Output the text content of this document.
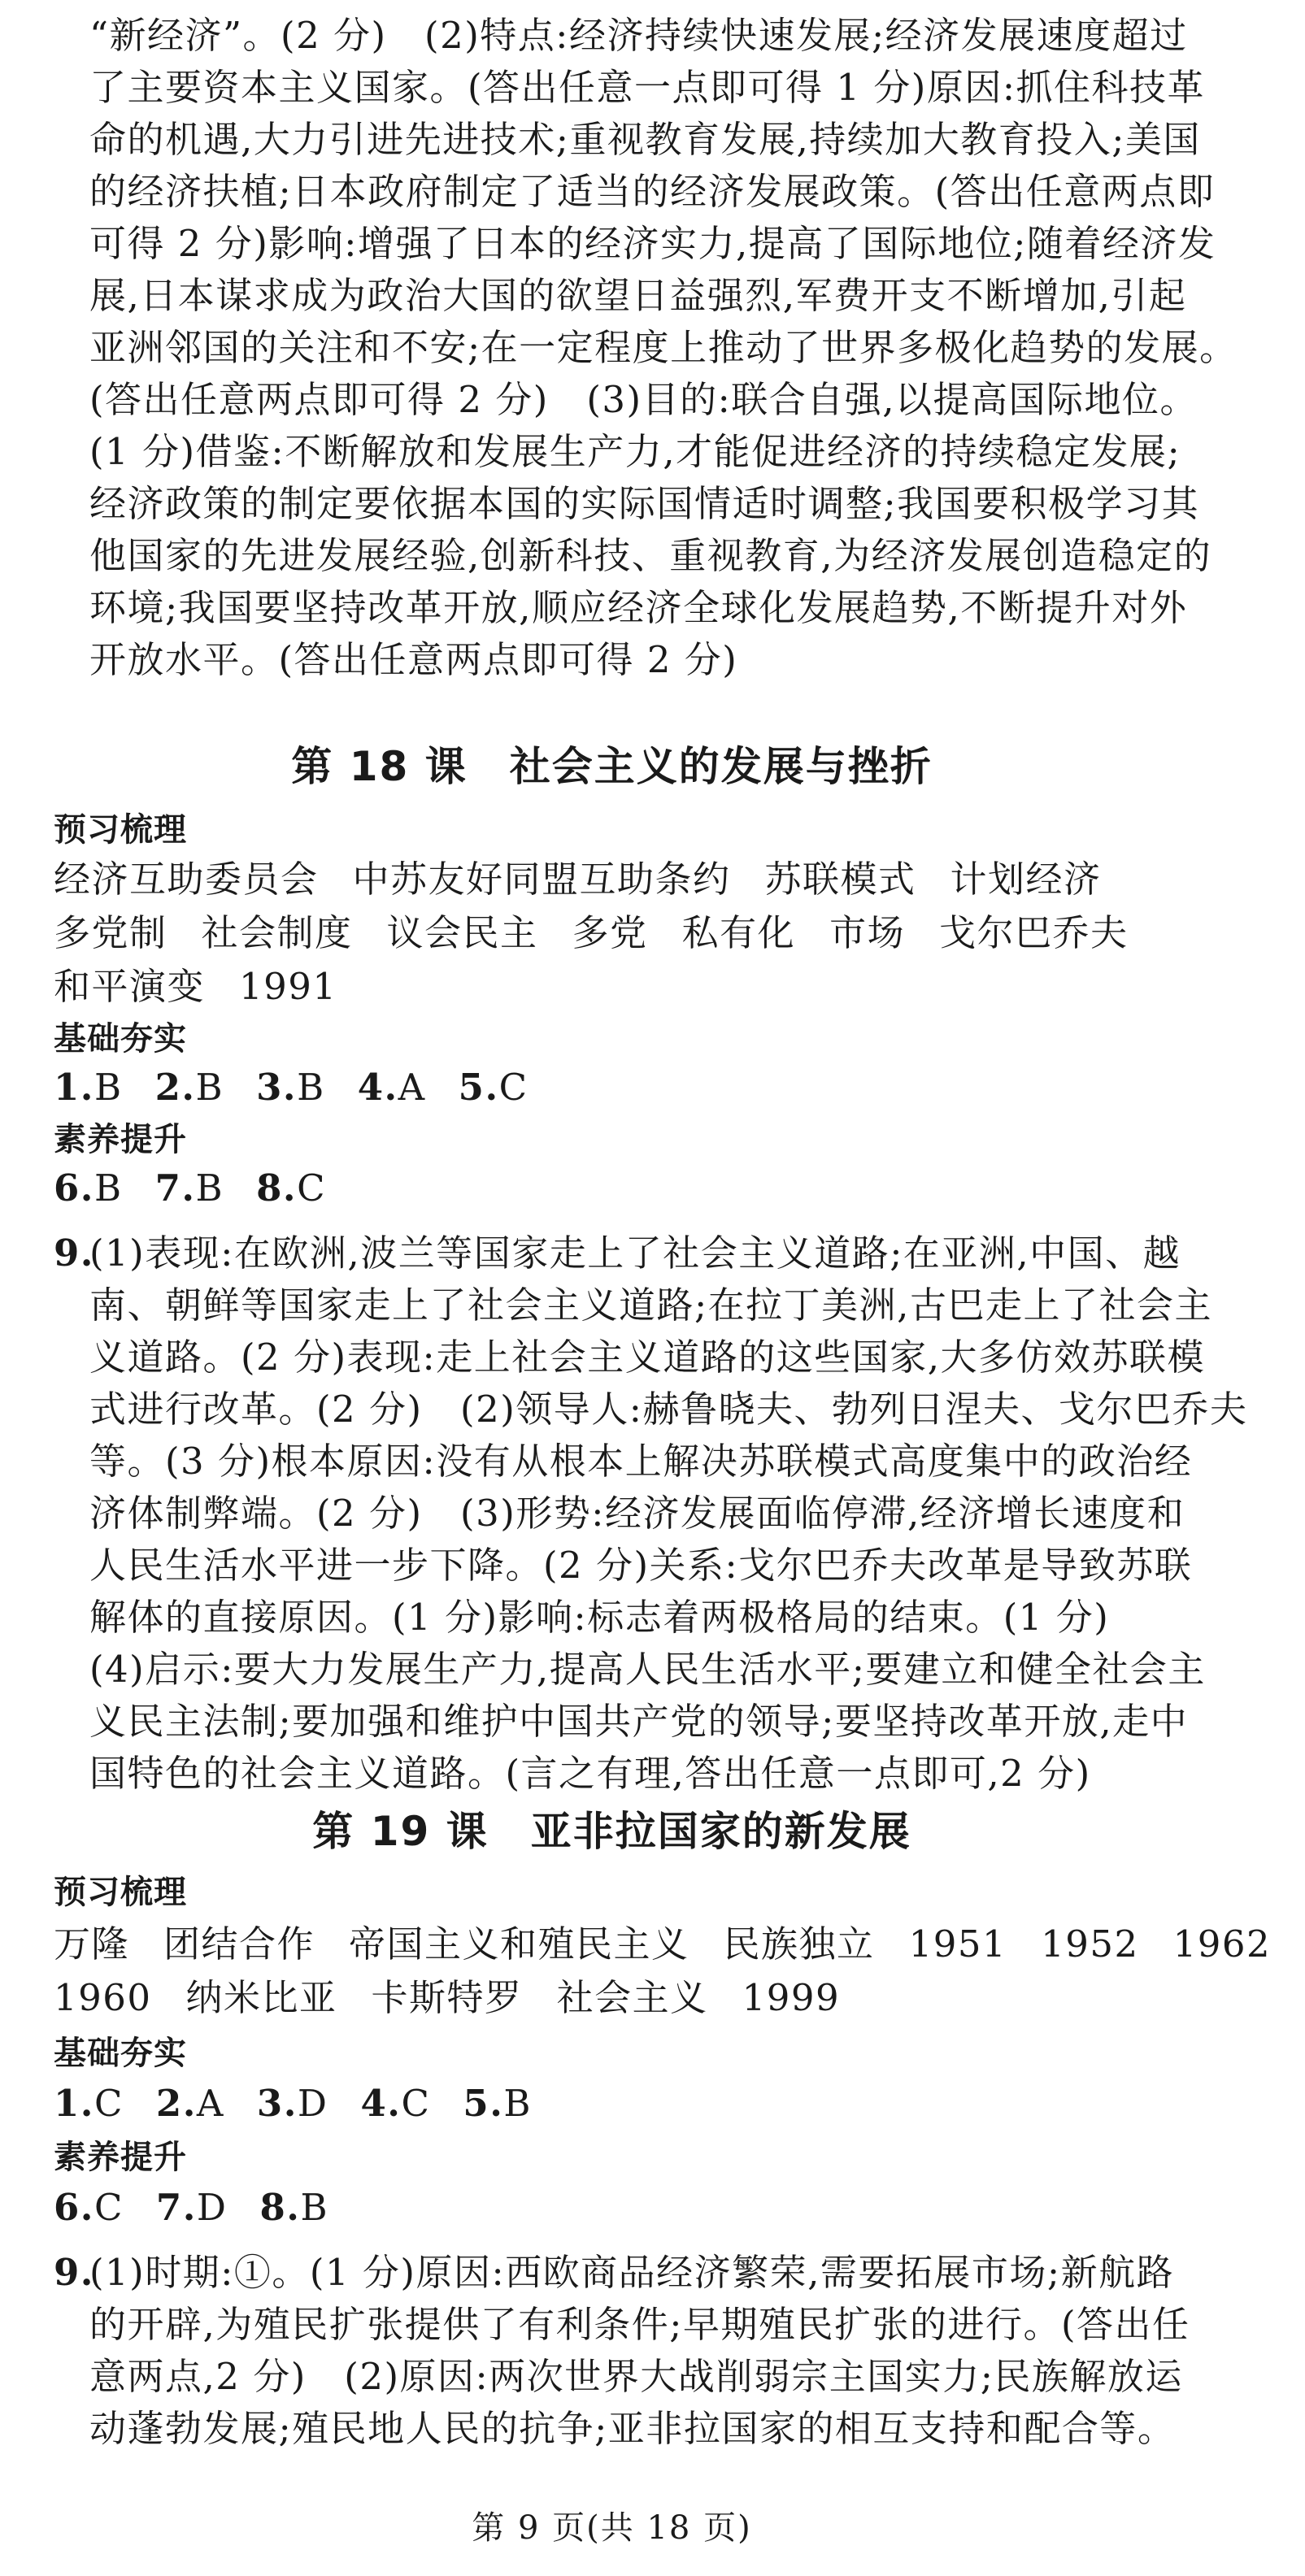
“新经济”。(2 分)　(2)特点:经济持续快速发展;经济发展速度超过
了主要资本主义国家。(答出任意一点即可得 1 分)原因:抓住科技革
命的机遇,大力引进先进技术;重视教育发展,持续加大教育投入;美国
的经济扶植;日本政府制定了适当的经济发展政策。(答出任意两点即
可得 2 分)影响:增强了日本的经济实力,提高了国际地位;随着经济发
展,日本谋求成为政治大国的欲望日益强烈,军费开支不断增加,引起
亚洲邻国的关注和不安;在一定程度上推动了世界多极化趋势的发展。
(答出任意两点即可得 2 分)　(3)目的:联合自强,以提高国际地位。
(1 分)借鉴:不断解放和发展生产力,才能促进经济的持续稳定发展;
经济政策的制定要依据本国的实际国情适时调整;我国要积极学习其
他国家的先进发展经验,创新科技、重视教育,为经济发展创造稳定的
环境;我国要坚持改革开放,顺应经济全球化发展趋势,不断提升对外
开放水平。(答出任意两点即可得 2 分)
第 18 课　社会主义的发展与挫折
预习梳理
经济互助委员会 中苏友好同盟互助条约 苏联模式 计划经济
多党制 社会制度 议会民主 多党 私有化 市场 戈尔巴乔夫
和平演变 1991
基础夯实
1.B 2.B 3.B 4.A 5.C
素养提升
6.B 7.B 8.C
9.
(1)表现:在欧洲,波兰等国家走上了社会主义道路;在亚洲,中国、越
南、朝鲜等国家走上了社会主义道路;在拉丁美洲,古巴走上了社会主
义道路。(2 分)表现:走上社会主义道路的这些国家,大多仿效苏联模
式进行改革。(2 分)　(2)领导人:赫鲁晓夫、勃列日涅夫、戈尔巴乔夫
等。(3 分)根本原因:没有从根本上解决苏联模式高度集中的政治经
济体制弊端。(2 分)　(3)形势:经济发展面临停滞,经济增长速度和
人民生活水平进一步下降。(2 分)关系:戈尔巴乔夫改革是导致苏联
解体的直接原因。(1 分)影响:标志着两极格局的结束。(1 分)
(4)启示:要大力发展生产力,提高人民生活水平;要建立和健全社会主
义民主法制;要加强和维护中国共产党的领导;要坚持改革开放,走中
国特色的社会主义道路。(言之有理,答出任意一点即可,2 分)
第 19 课　亚非拉国家的新发展
预习梳理
万隆 团结合作 帝国主义和殖民主义 民族独立 1951 1952 1962
1960 纳米比亚 卡斯特罗 社会主义 1999
基础夯实
1.C 2.A 3.D 4.C 5.B
素养提升
6.C 7.D 8.B
9.
(1)时期:①。(1 分)原因:西欧商品经济繁荣,需要拓展市场;新航路
的开辟,为殖民扩张提供了有利条件;早期殖民扩张的进行。(答出任
意两点,2 分)　(2)原因:两次世界大战削弱宗主国实力;民族解放运
动蓬勃发展;殖民地人民的抗争;亚非拉国家的相互支持和配合等。
第 9 页(共 18 页)
